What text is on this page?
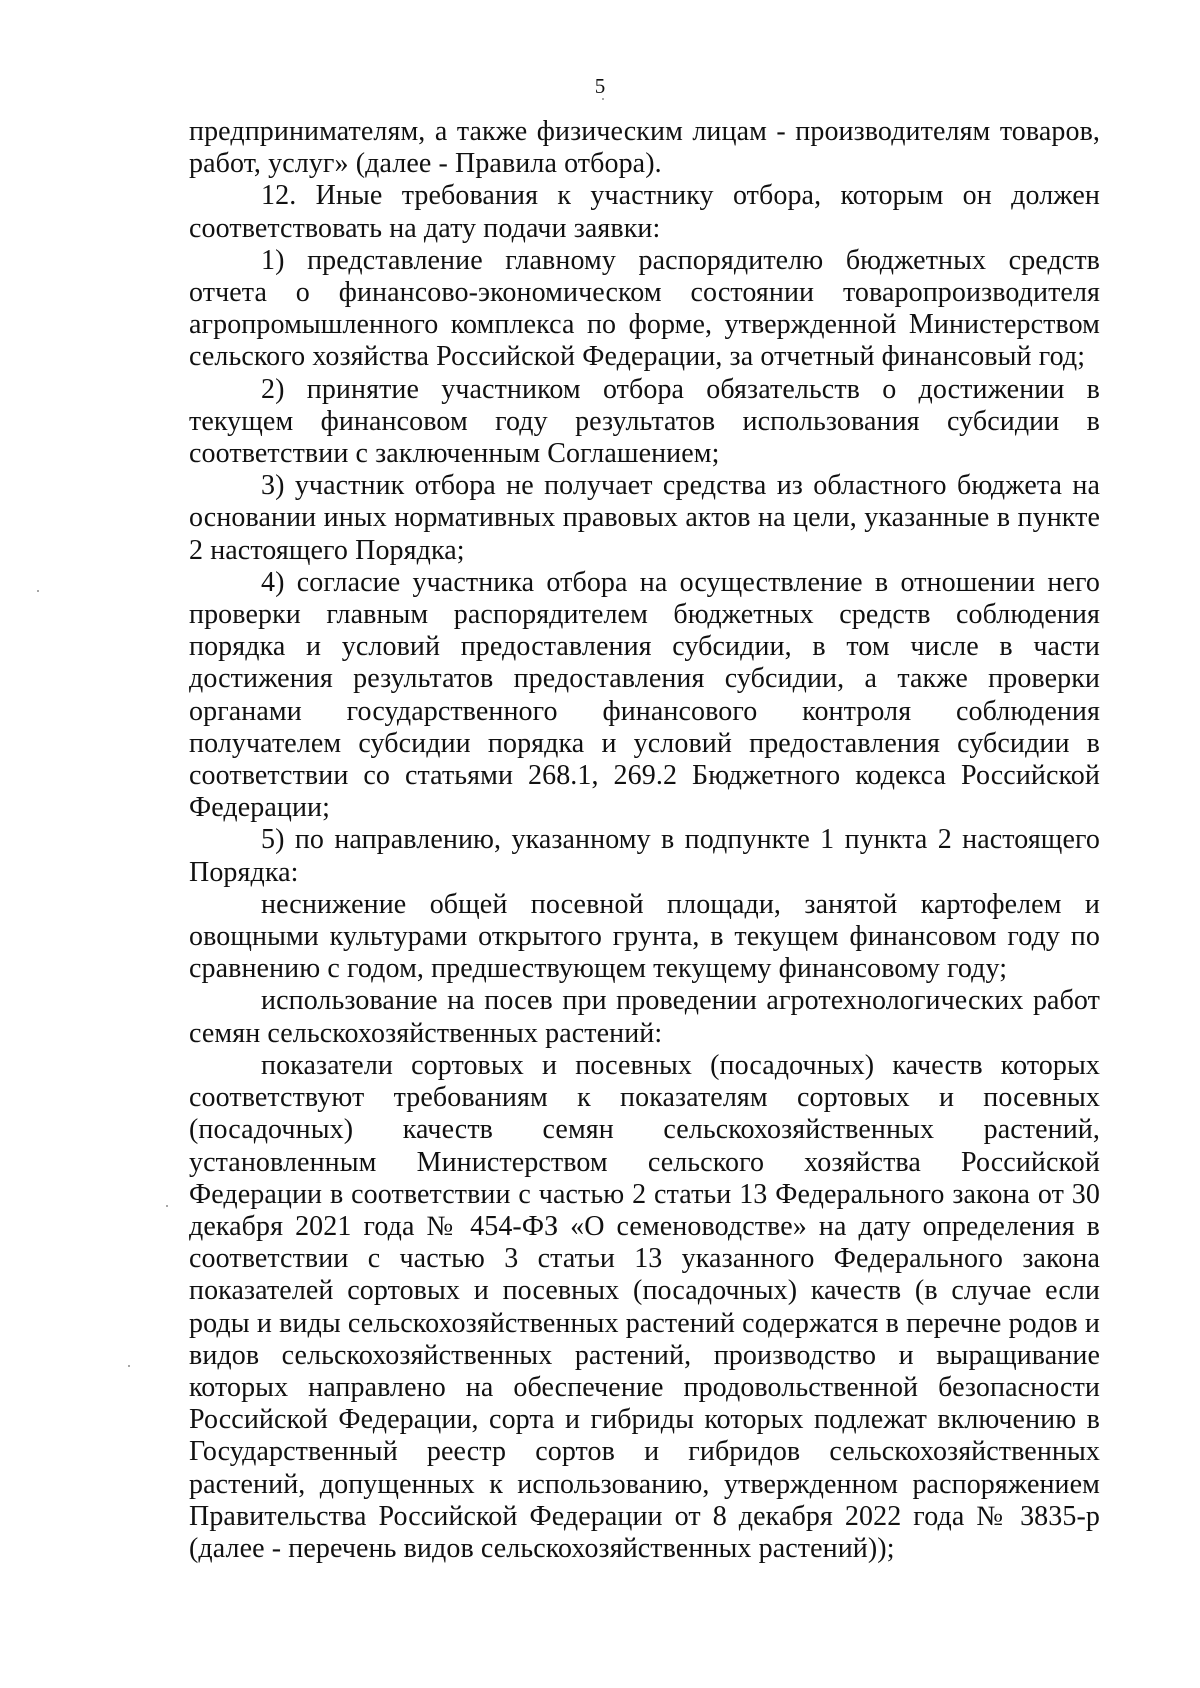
5

предпринимателям, а также физическим лицам - производителям товаров, работ, услуг» (далее - Правила отбора).

12. Иные требования к участнику отбора, которым он должен соответствовать на дату подачи заявки:

1) представление главному распорядителю бюджетных средств отчета о финансово-экономическом состоянии товаропроизводителя агропромышленного комплекса по форме, утвержденной Министерством сельского хозяйства Российской Федерации, за отчетный финансовый год;

2) принятие участником отбора обязательств о достижении в текущем финансовом году результатов использования субсидии в соответствии с заключенным Соглашением;

3) участник отбора не получает средства из областного бюджета на основании иных нормативных правовых актов на цели, указанные в пункте 2 настоящего Порядка;

4) согласие участника отбора на осуществление в отношении него проверки главным распорядителем бюджетных средств соблюдения порядка и условий предоставления субсидии, в том числе в части достижения результатов предоставления субсидии, а также проверки органами государственного финансового контроля соблюдения получателем субсидии порядка и условий предоставления субсидии в соответствии со статьями 268.1, 269.2 Бюджетного кодекса Российской Федерации;

5) по направлению, указанному в подпункте 1 пункта 2 настоящего Порядка:

неснижение общей посевной площади, занятой картофелем и овощными культурами открытого грунта, в текущем финансовом году по сравнению с годом, предшествующем текущему финансовому году;

использование на посев при проведении агротехнологических работ семян сельскохозяйственных растений:

показатели сортовых и посевных (посадочных) качеств которых соответствуют требованиям к показателям сортовых и посевных (посадочных) качеств семян сельскохозяйственных растений, установленным Министерством сельского хозяйства Российской Федерации в соответствии с частью 2 статьи 13 Федерального закона от 30 декабря 2021 года № 454-ФЗ «О семеноводстве» на дату определения в соответствии с частью 3 статьи 13 указанного Федерального закона показателей сортовых и посевных (посадочных) качеств (в случае если роды и виды сельскохозяйственных растений содержатся в перечне родов и видов сельскохозяйственных растений, производство и выращивание которых направлено на обеспечение продовольственной безопасности Российской Федерации, сорта и гибриды которых подлежат включению в Государственный реестр сортов и гибридов сельскохозяйственных растений, допущенных к использованию, утвержденном распоряжением Правительства Российской Федерации от 8 декабря 2022 года № 3835-р (далее - перечень видов сельскохозяйственных растений));
